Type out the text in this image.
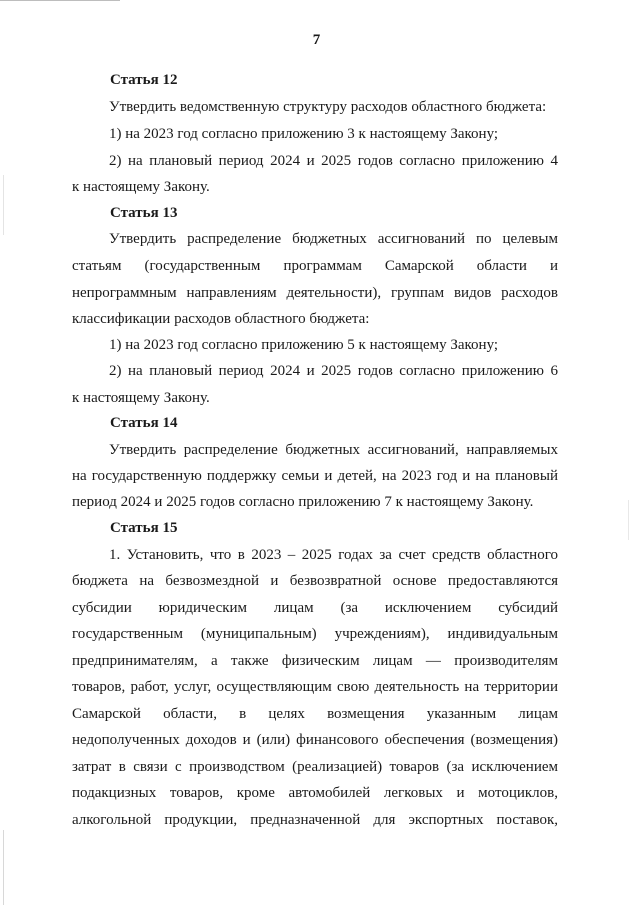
7

Статья 12

Утвердить ведомственную структуру расходов областного бюджета:

1) на 2023 год согласно приложению 3 к настоящему Закону;

2) на плановый период 2024 и 2025 годов согласно приложению 4

к настоящему Закону.

Статья 13

Утвердить распределение бюджетных ассигнований по целевым

статьям (государственным программам Самарской области и

непрограммным направлениям деятельности), группам видов расходов

классификации расходов областного бюджета:

1) на 2023 год согласно приложению 5 к настоящему Закону;

2) на плановый период 2024 и 2025 годов согласно приложению 6

к настоящему Закону.

Статья 14

Утвердить распределение бюджетных ассигнований, направляемых

на государственную поддержку семьи и детей, на 2023 год и на плановый

период 2024 и 2025 годов согласно приложению 7 к настоящему Закону.

Статья 15

1. Установить, что в 2023 – 2025 годах за счет средств областного

бюджета на безвозмездной и безвозвратной основе предоставляются

субсидии юридическим лицам (за исключением субсидий

государственным (муниципальным) учреждениям), индивидуальным

предпринимателям, а также физическим лицам — производителям

товаров, работ, услуг, осуществляющим свою деятельность на территории

Самарской области, в целях возмещения указанным лицам

недополученных доходов и (или) финансового обеспечения (возмещения)

затрат в связи с производством (реализацией) товаров (за исключением

подакцизных товаров, кроме автомобилей легковых и мотоциклов,

алкогольной продукции, предназначенной для экспортных поставок,
